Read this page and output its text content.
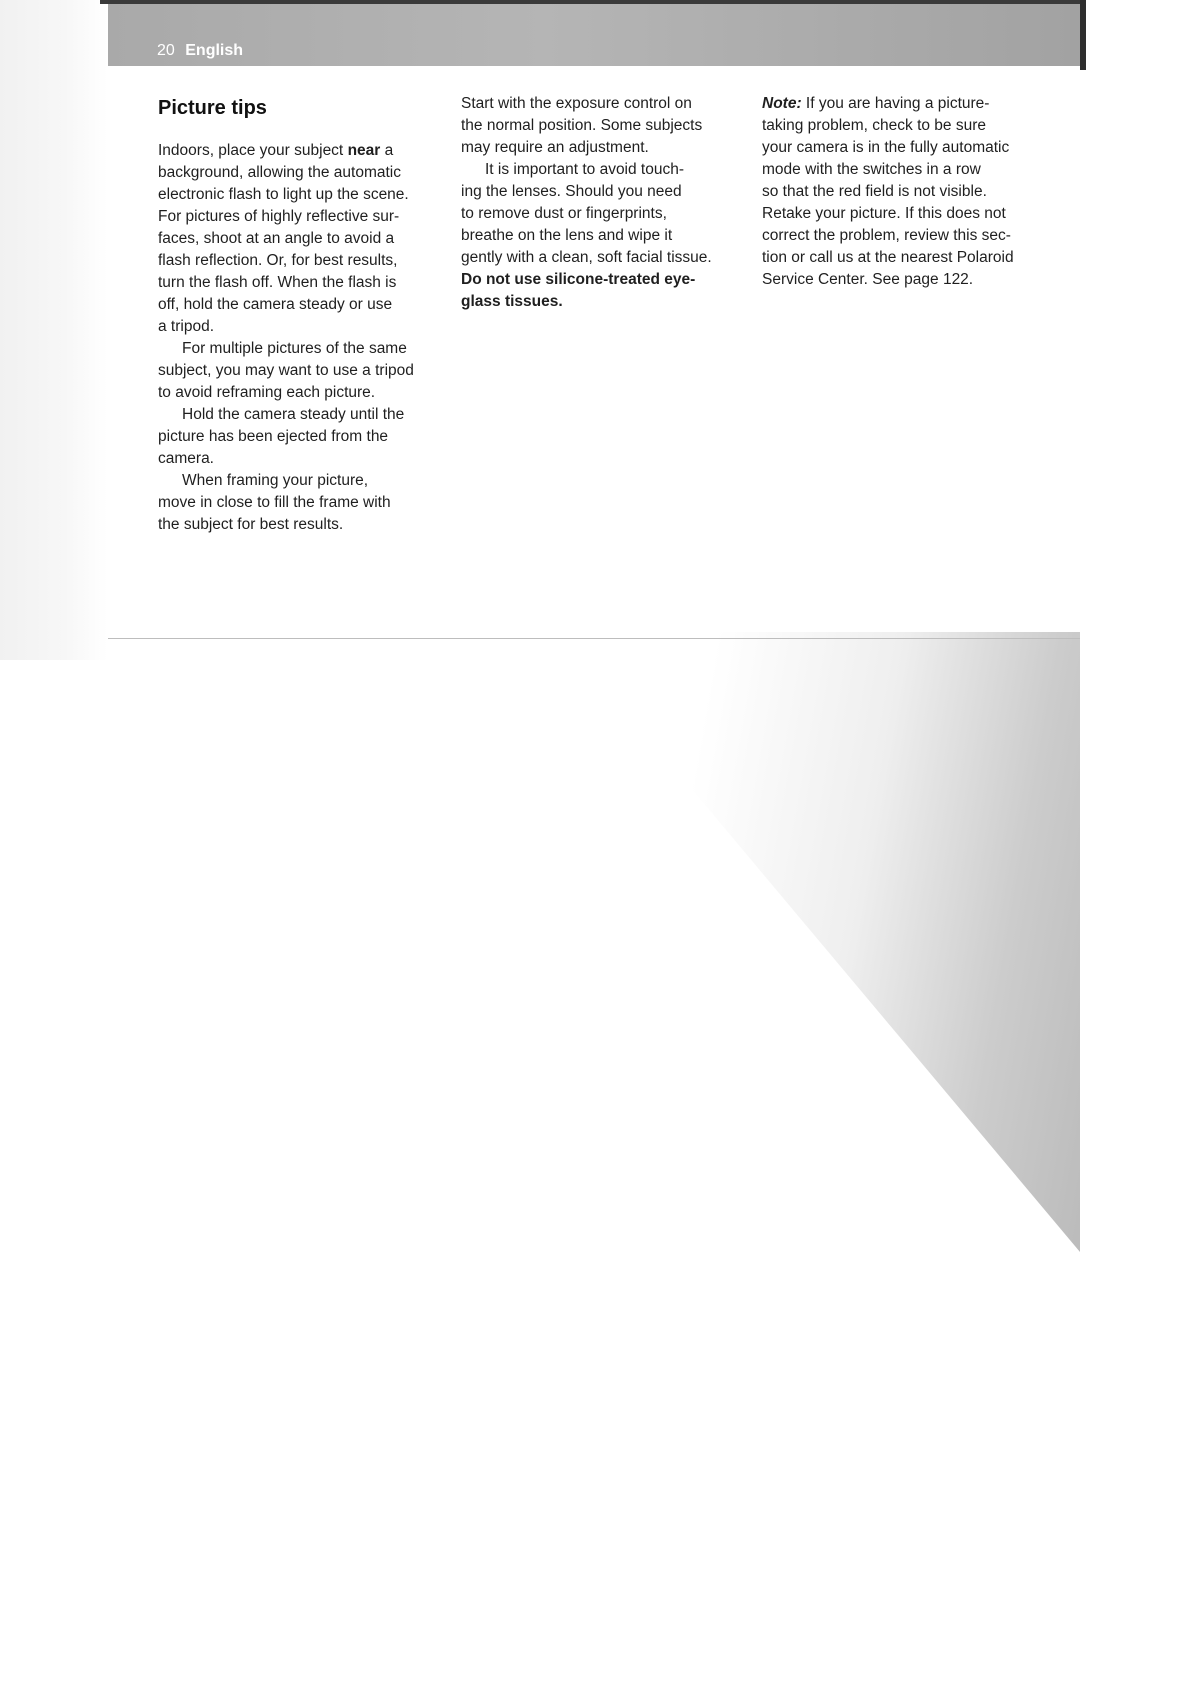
20 English
Picture tips

Indoors, place your subject near a
background, allowing the automatic
electronic flash to light up the scene.
For pictures of highly reflective sur-
faces, shoot at an angle to avoid a
flash reflection. Or, for best results,
turn the flash off. When the flash is
off, hold the camera steady or use
a tripod.

For multiple pictures of the same
subject, you may want to use a tripod
to avoid reframing each picture.

Hold the camera steady until the
picture has been ejected from the
camera.

When framing your picture,
move in close to fill the frame with
the subject for best results.

Start with the exposure control on
the normal position. Some subjects
may require an adjustment.

It is important to avoid touch-
ing the lenses. Should you need
to remove dust or fingerprints,
breathe on the lens and wipe it
gently with a clean, soft facial tissue.
Do not use silicone-treated eye-
glass tissues.

Note: If you are having a picture-
taking problem, check to be sure
your camera is in the fully automatic
mode with the switches in a row
so that the red field is not visible.
Retake your picture. If this does not
correct the problem, review this sec-
tion or call us at the nearest Polaroid
Service Center. See page 122.
